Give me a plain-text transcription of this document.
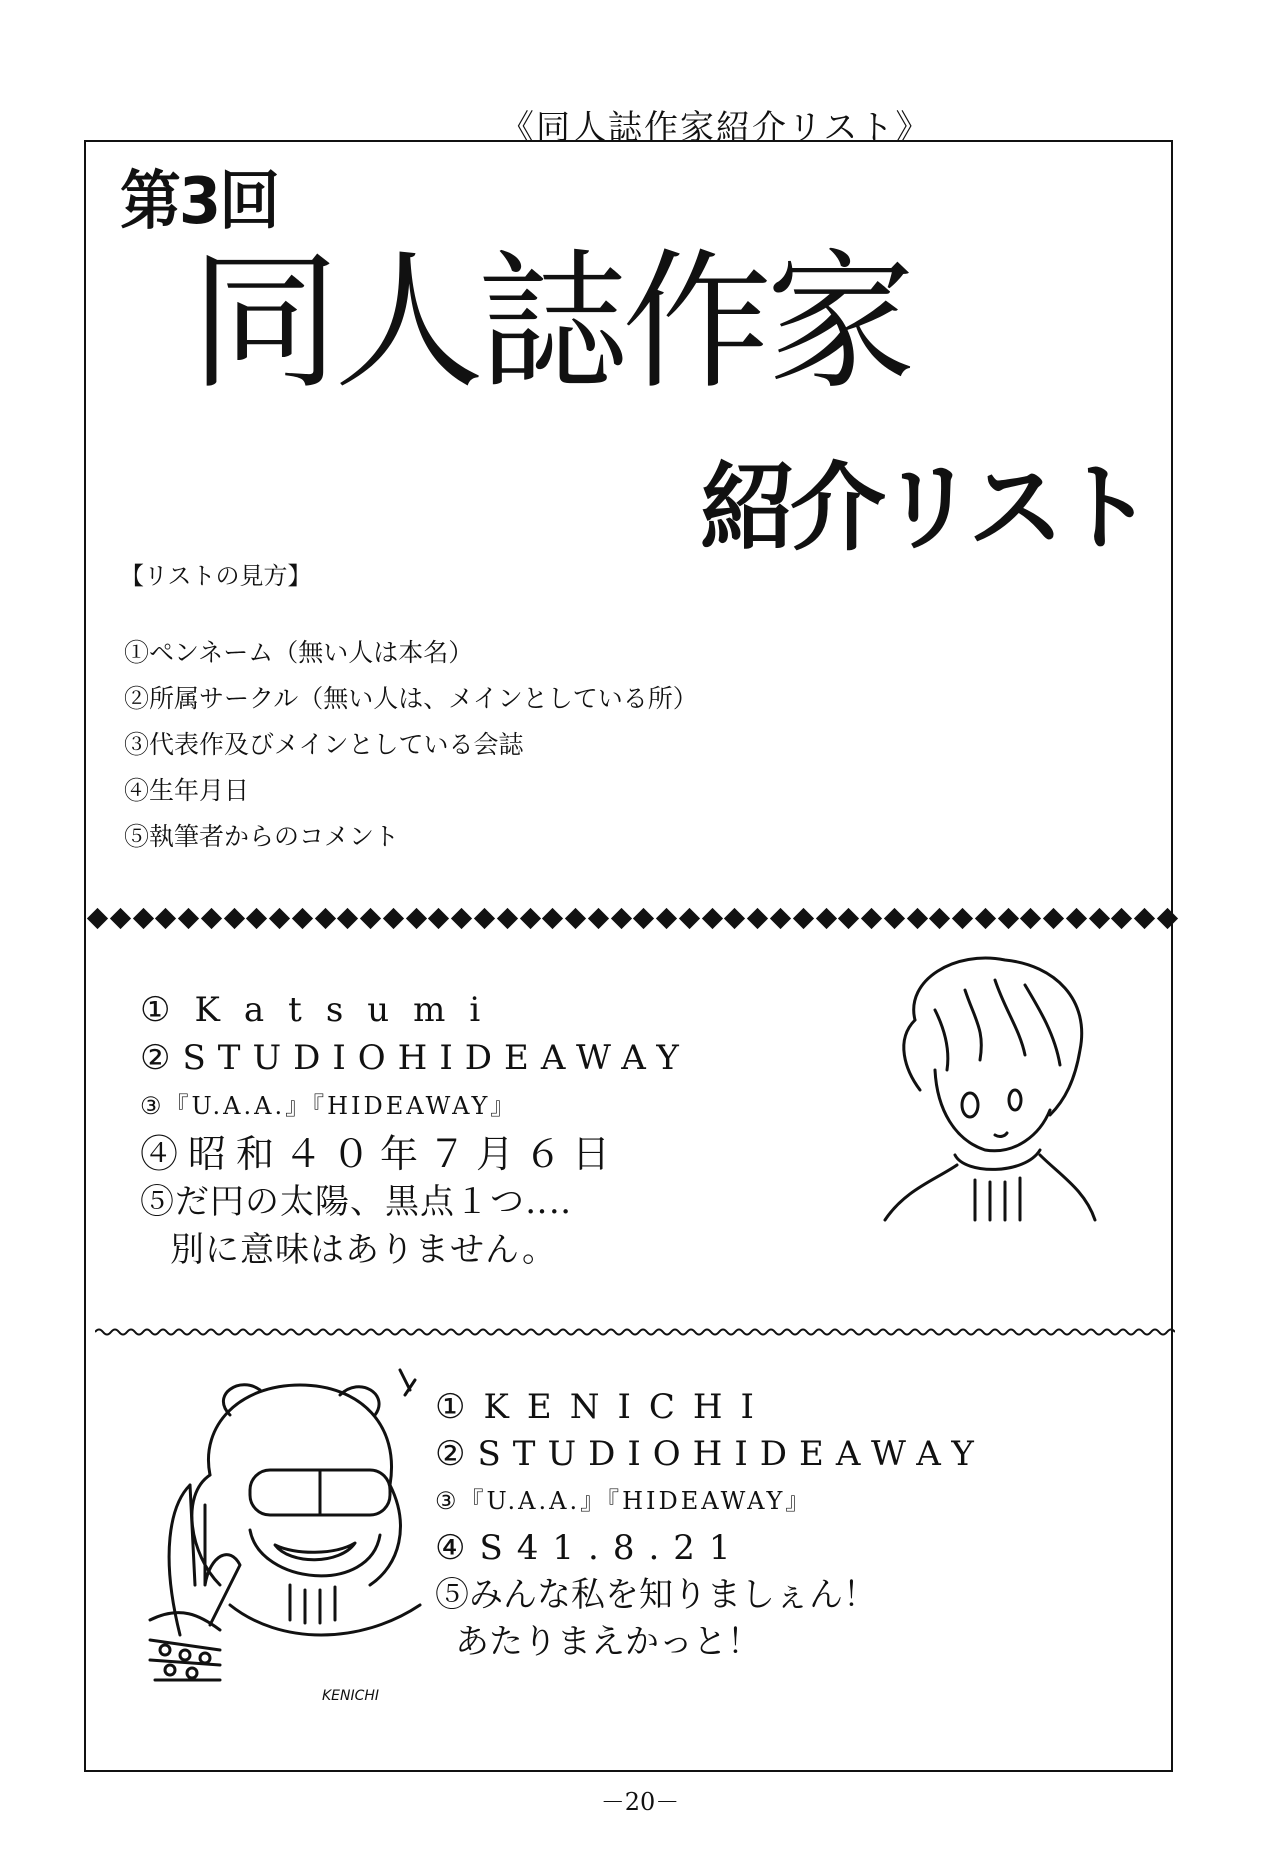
《同人誌作家紹介リスト》
第3回
同人誌作家
紹介リスト
【リストの見方】
①ペンネーム（無い人は本名）
②所属サークル（無い人は、メインとしている所）
③代表作及びメインとしている会誌
④生年月日
⑤執筆者からのコメント
①Katsumi
②STUDIOHIDEAWAY
③『U.A.A.』『HIDEAWAY』
④昭和４０年７月６日
⑤だ円の太陽、黒点１つ‥‥
別に意味はありません。
KENICHI
①KENICHI
②STUDIOHIDEAWAY
③『U.A.A.』『HIDEAWAY』
④S41.8.21
⑤みんな私を知りましぇん！
あたりまえかっと！
－20－
